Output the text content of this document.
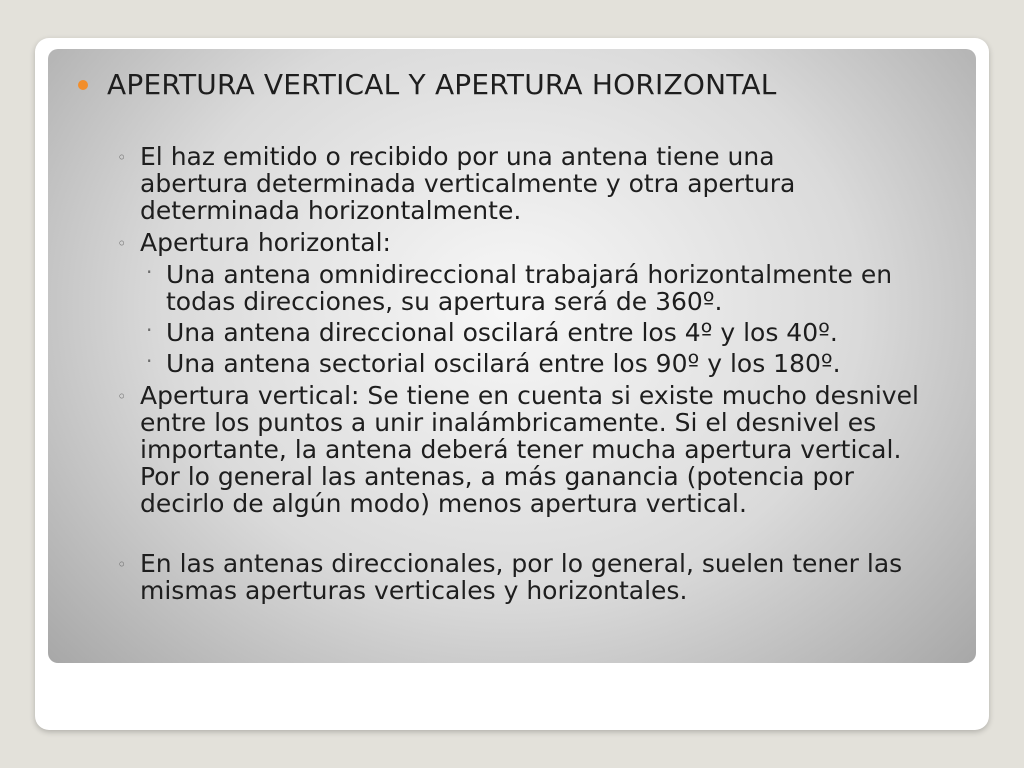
APERTURA VERTICAL Y APERTURA HORIZONTAL
◦ El haz emitido o recibido por una antena tiene una abertura determinada verticalmente y otra apertura determinada horizontalmente.
◦ Apertura horizontal:
· Una antena omnidireccional trabajará horizontalmente en todas direcciones, su apertura será de 360º.
· Una antena direccional oscilará entre los 4º y los 40º.
· Una antena sectorial oscilará entre los 90º y los 180º.
◦ Apertura vertical: Se tiene en cuenta si existe mucho desnivel entre los puntos a unir inalámbricamente. Si el desnivel es importante, la antena deberá tener mucha apertura vertical. Por lo general las antenas, a más ganancia (potencia por decirlo de algún modo) menos apertura vertical.
◦ En las antenas direccionales, por lo general, suelen tener las mismas aperturas verticales y horizontales.
